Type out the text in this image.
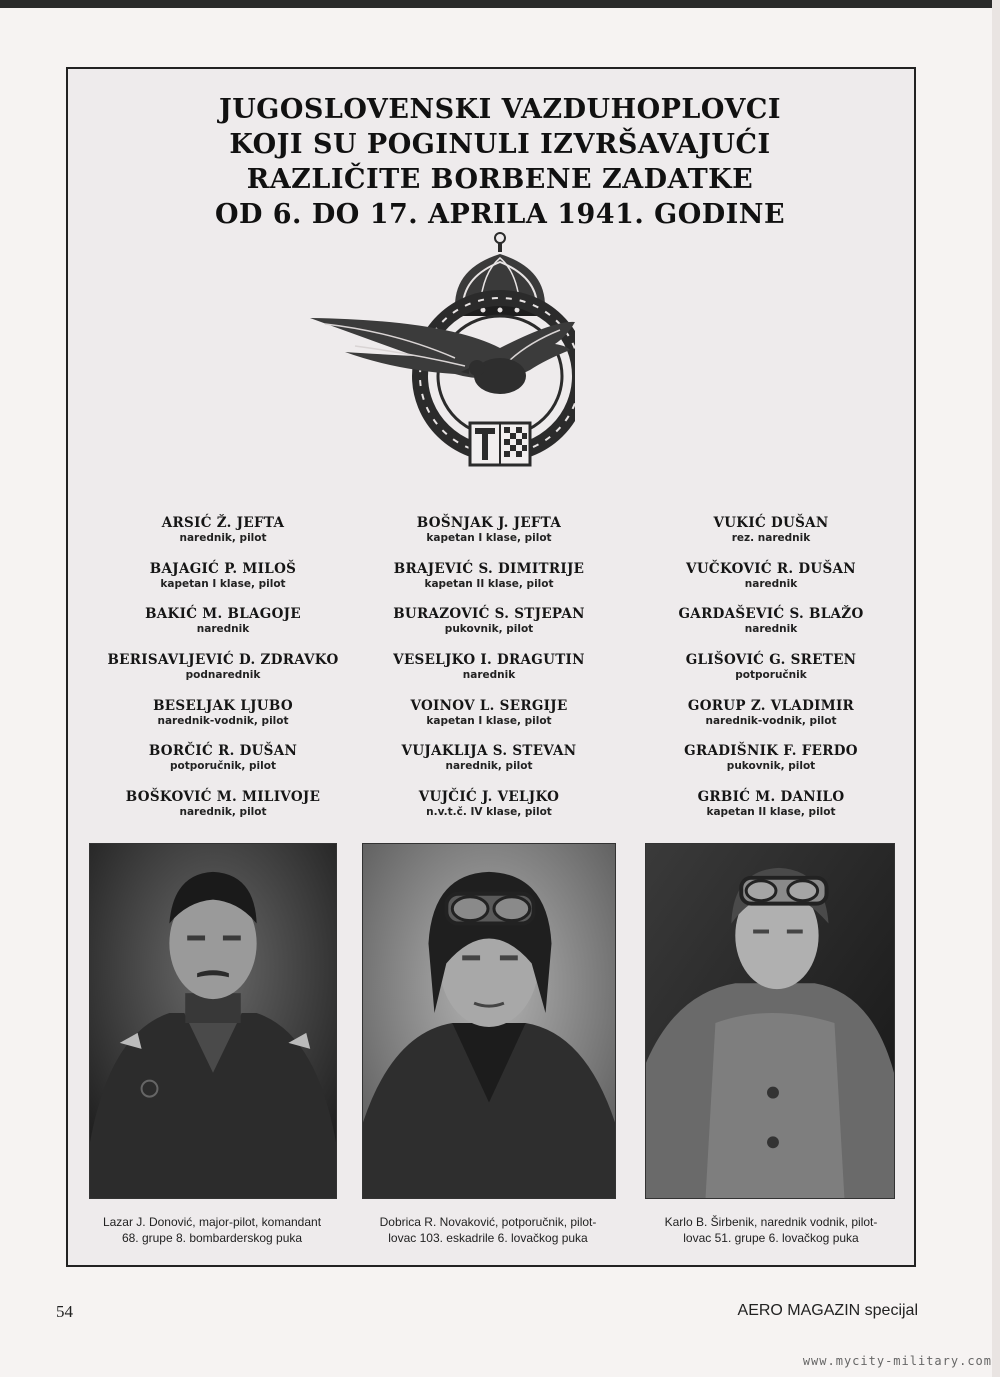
JUGOSLOVENSKI VAZDUHOPLOVCI
KOJI SU POGINULI IZVRŠAVAJUĆI
RAZLIČITE BORBENE ZADATKE
OD 6. DO 17. APRILA 1941. GODINE
ARSIĆ Ž. JEFTA
narednik, pilot
BAJAGIĆ P. MILOŠ
kapetan I klase, pilot
BAKIĆ M. BLAGOJE
narednik
BERISAVLJEVIĆ D. ZDRAVKO
podnarednik
BESELJAK LJUBO
narednik-vodnik, pilot
BORČIĆ R. DUŠAN
potporučnik, pilot
BOŠKOVIĆ M. MILIVOJE
narednik, pilot
BOŠNJAK J. JEFTA
kapetan I klase, pilot
BRAJEVIĆ S. DIMITRIJE
kapetan II klase, pilot
BURAZOVIĆ S. STJEPAN
pukovnik, pilot
VESELJKO I. DRAGUTIN
narednik
VOINOV L. SERGIJE
kapetan I klase, pilot
VUJAKLIJA S. STEVAN
narednik, pilot
VUJČIĆ J. VELJKO
n.v.t.č. IV klase, pilot
VUKIĆ DUŠAN
rez. narednik
VUČKOVIĆ R. DUŠAN
narednik
GARDAŠEVIĆ S. BLAŽO
narednik
GLIŠOVIĆ G. SRETEN
potporučnik
GORUP Z. VLADIMIR
narednik-vodnik, pilot
GRADIŠNIK F. FERDO
pukovnik, pilot
GRBIĆ M. DANILO
kapetan II klase, pilot
Lazar J. Donović, major-pilot, komandant
68. grupe 8. bombarderskog puka
Dobrica R. Novaković, potporučnik, pilot-
lovac 103. eskadrile 6. lovačkog puka
Karlo B. Širbenik, narednik vodnik, pilot-
lovac 51. grupe 6. lovačkog puka
54	AERO MAGAZIN specijal
www.mycity-military.com
